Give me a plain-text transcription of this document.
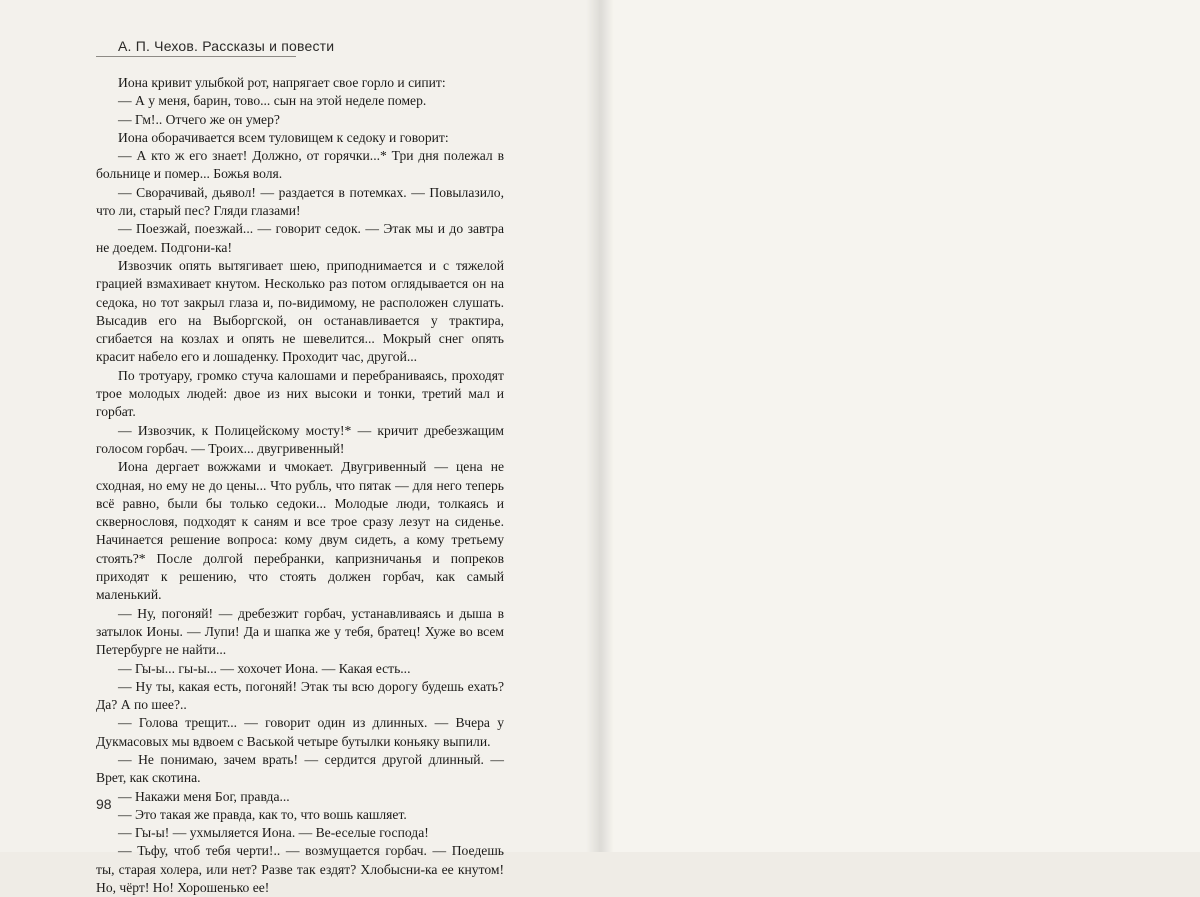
А. П. Чехов. Рассказы и повести

Иона кривит улыбкой рот, напрягает свое горло и сипит:

— А у меня, барин, тово... сын на этой неделе помер.

— Гм!.. Отчего же он умер?

Иона оборачивается всем туловищем к седоку и говорит:

— А кто ж его знает! Должно, от горячки...* Три дня полежал в больнице и помер... Божья воля.

— Сворачивай, дьявол! — раздается в потемках. — Повылазило, что ли, старый пес? Гляди глазами!

— Поезжай, поезжай... — говорит седок. — Этак мы и до завтра не доедем. Подгони-ка!

Извозчик опять вытягивает шею, приподнимается и с тяжелой грацией взмахивает кнутом. Несколько раз потом оглядывается он на седока, но тот закрыл глаза и, по-видимому, не расположен слушать. Высадив его на Выборгской, он останавливается у трактира, сгибается на козлах и опять не шевелится... Мокрый снег опять красит набело его и лошаденку. Проходит час, другой...

По тротуару, громко стуча калошами и перебраниваясь, проходят трое молодых людей: двое из них высоки и тонки, третий мал и горбат.

— Извозчик, к Полицейскому мосту!* — кричит дребезжащим голосом горбач. — Троих... двугривенный!

Иона дергает вожжами и чмокает. Двугривенный — цена не сходная, но ему не до цены... Что рубль, что пятак — для него теперь всё равно, были бы только седоки... Молодые люди, толкаясь и сквернословя, подходят к саням и все трое сразу лезут на сиденье. Начинается решение вопроса: кому двум сидеть, а кому третьему стоять?* После долгой перебранки, капризничанья и попреков приходят к решению, что стоять должен горбач, как самый маленький.

— Ну, погоняй! — дребезжит горбач, устанавливаясь и дыша в затылок Ионы. — Лупи! Да и шапка же у тебя, братец! Хуже во всем Петербурге не найти...

— Гы-ы... гы-ы... — хохочет Иона. — Какая есть...

— Ну ты, какая есть, погоняй! Этак ты всю дорогу будешь ехать? Да? А по шее?..

— Голова трещит... — говорит один из длинных. — Вчера у Дукмасовых мы вдвоем с Васькой четыре бутылки коньяку выпили.

— Не понимаю, зачем врать! — сердится другой длинный. — Врет, как скотина.

— Накажи меня Бог, правда...

— Это такая же правда, как то, что вошь кашляет.

— Гы-ы! — ухмыляется Иона. — Ве-еселые господа!

— Тьфу, чтоб тебя черти!.. — возмущается горбач. — Поедешь ты, старая холера, или нет? Разве так ездят? Хлобысни-ка ее кнутом! Но, чёрт! Но! Хорошенько ее!

98
